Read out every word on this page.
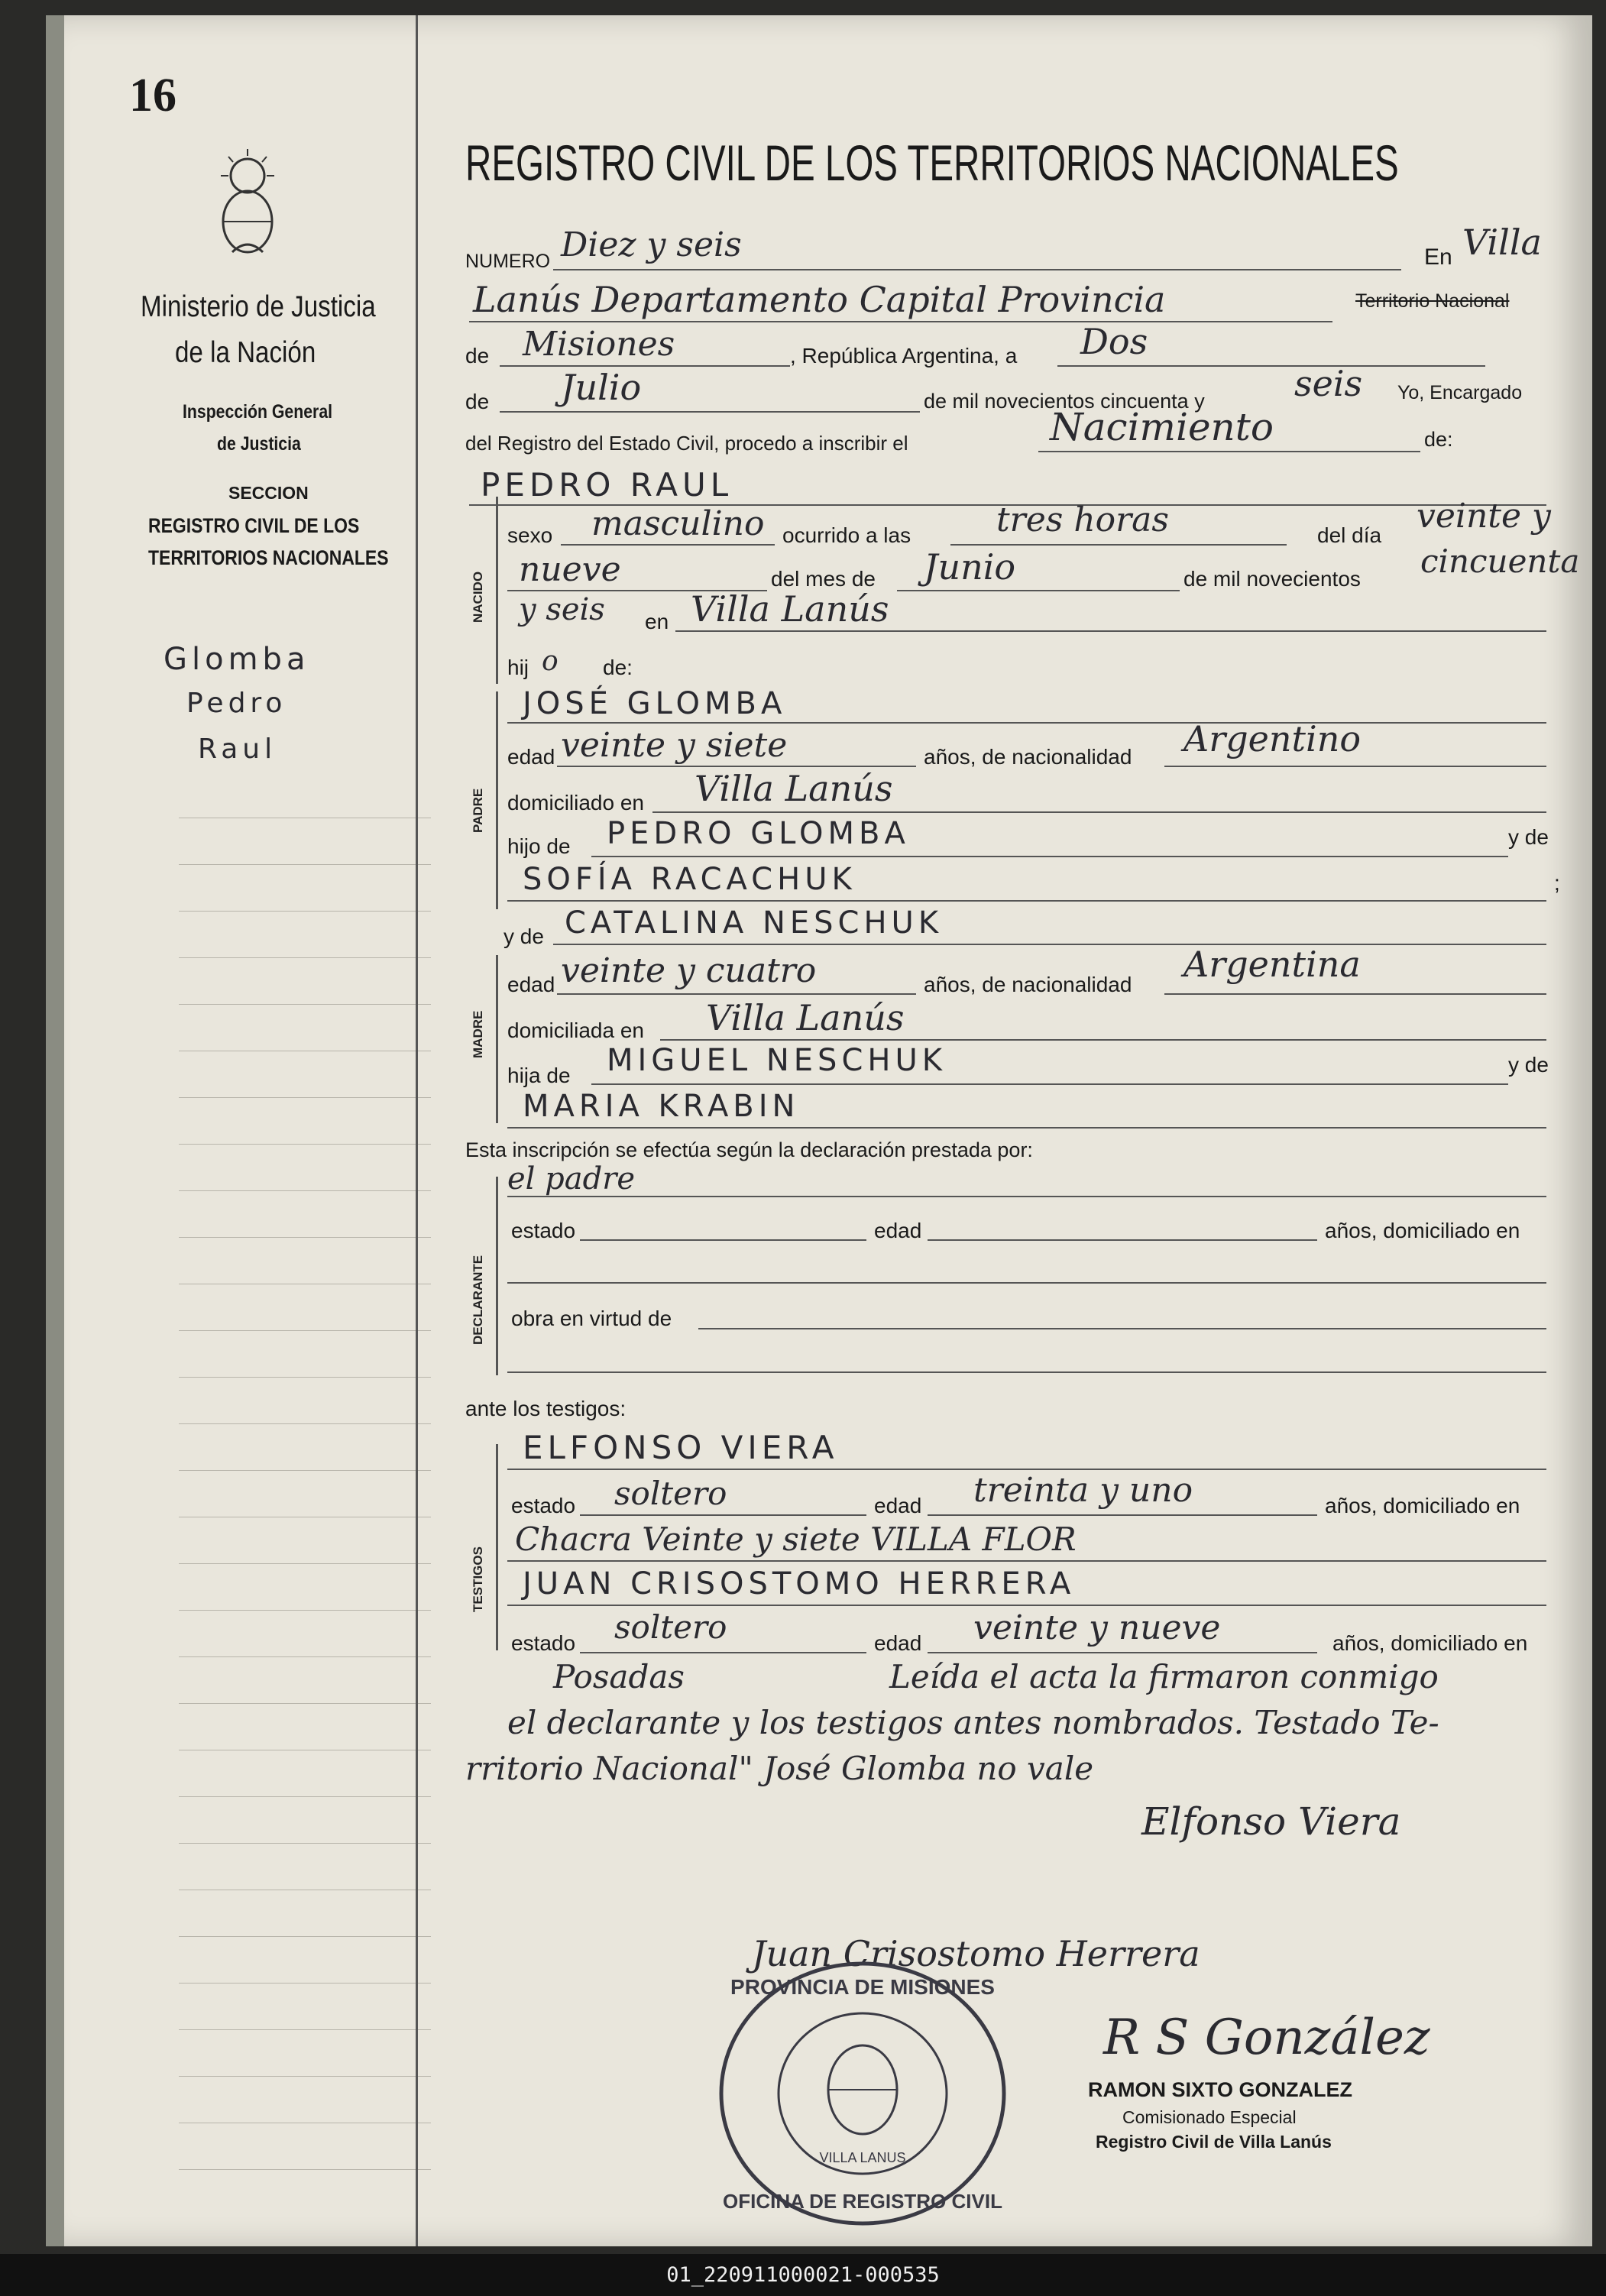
16
Ministerio de Justicia
de la Nación
Inspección General
de Justicia
SECCION
REGISTRO CIVIL DE LOS
TERRITORIOS NACIONALES
Glomba
Pedro
Raul
REGISTRO CIVIL DE LOS TERRITORIOS NACIONALES
NUMERO Diez y seis	En Villa
Lanús Departamento Capital Provincia	Territorio Nacional
de Misiones	, República Argentina, a Dos
de Julio	de mil novecientos cincuenta y	seis Yo, Encargado
del Registro del Estado Civil, procedo a inscribir el	Nacimiento	de:
PEDRO RAUL
NACIDO
sexo masculino ocurrido a las	tres horas	del día veinte y
nueve	del mes de Junio	de mil novecientos cincuenta
y seis en Villa Lanús
hij o de:
JOSÉ GLOMBA
PADRE
edad veinte y siete	años, de nacionalidad Argentino
domiciliado en Villa Lanús
hijo de PEDRO GLOMBA	y de
SOFÍA RACACHUK	;
y de CATALINA NESCHUK
MADRE
edad veinte y cuatro	años, de nacionalidad Argentina
domiciliada en Villa Lanús
hija de MIGUEL NESCHUK	y de
MARIA KRABIN
Esta inscripción se efectúa según la declaración prestada por:
el padre
DECLARANTE
estado	edad	años, domiciliado en
obra en virtud de
ante los testigos:
ELFONSO VIERA
TESTIGOS
estado soltero	edad treinta y uno	años, domiciliado en
Chacra Veinte y siete VILLA FLOR
JUAN CRISOSTOMO HERRERA
estado soltero	edad veinte y nueve	años, domiciliado en
Posadas	Leída el acta la firmaron conmigo
el declarante y los testigos antes nombrados. Testado Te-
rritorio Nacional" José Glomba no vale
Elfonso Viera
Juan Crisostomo Herrera
PROVINCIA DE MISIONES
OFICINA DE REGISTRO CIVIL
VILLA LANUS
R S González
RAMON SIXTO GONZALEZ
Comisionado Especial
Registro Civil de Villa Lanús
01_220911000021-000535
